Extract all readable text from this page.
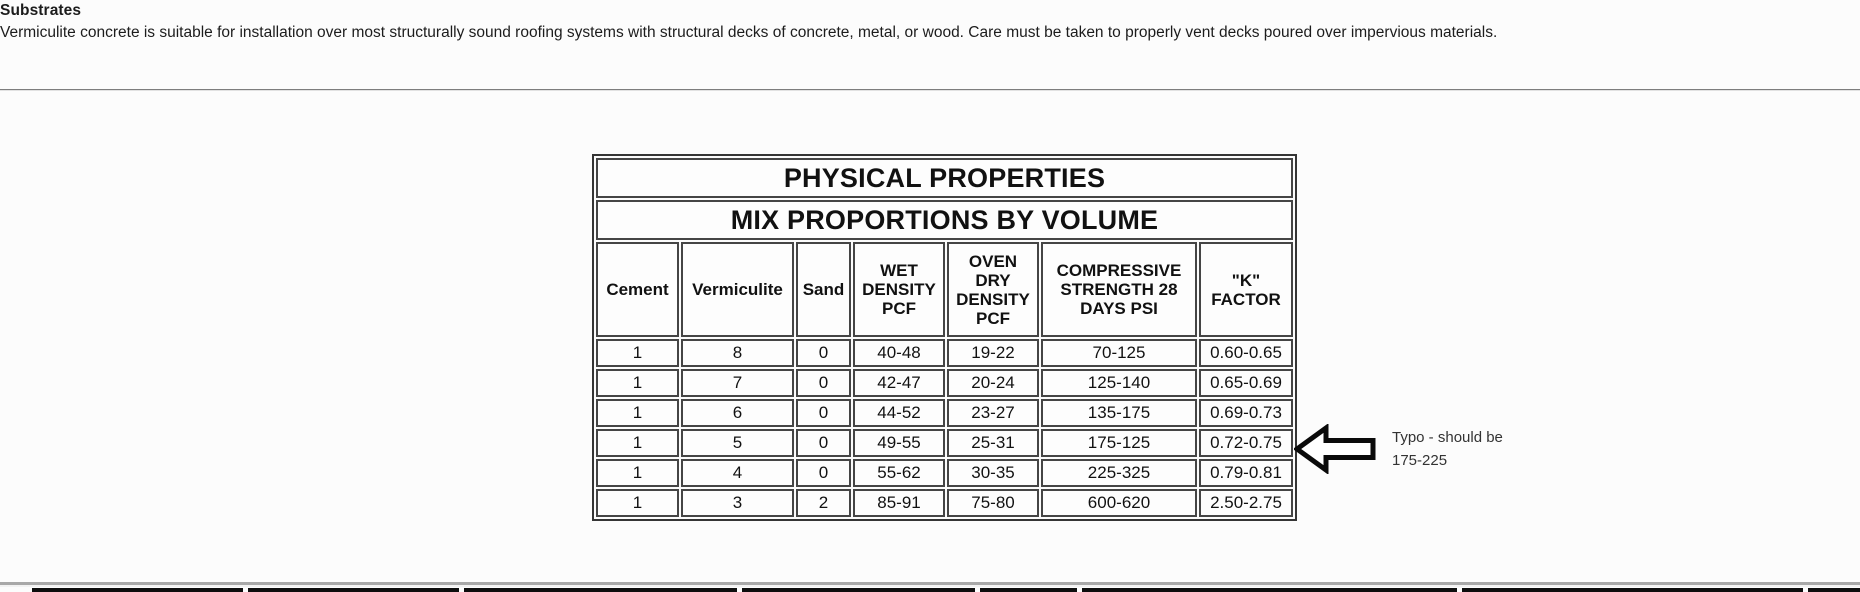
Substrates
Vermiculite concrete is suitable for installation over most structurally sound roofing systems with structural decks of concrete, metal, or wood. Care must be taken to properly vent decks poured over impervious materials.
PHYSICAL PROPERTIES						
MIX PROPORTIONS BY VOLUME						
Cement	Vermiculite	Sand	WET DENSITY PCF	OVEN DRY DENSITY PCF	COMPRESSIVE STRENGTH 28 DAYS PSI	"K" FACTOR
1	8	0	40-48	19-22	70-125	0.60-0.65
1	7	0	42-47	20-24	125-140	0.65-0.69
1	6	0	44-52	23-27	135-175	0.69-0.73
1	5	0	49-55	25-31	175-125	0.72-0.75
1	4	0	55-62	30-35	225-325	0.79-0.81
1	3	2	85-91	75-80	600-620	2.50-2.75
Typo - should be
175-225
